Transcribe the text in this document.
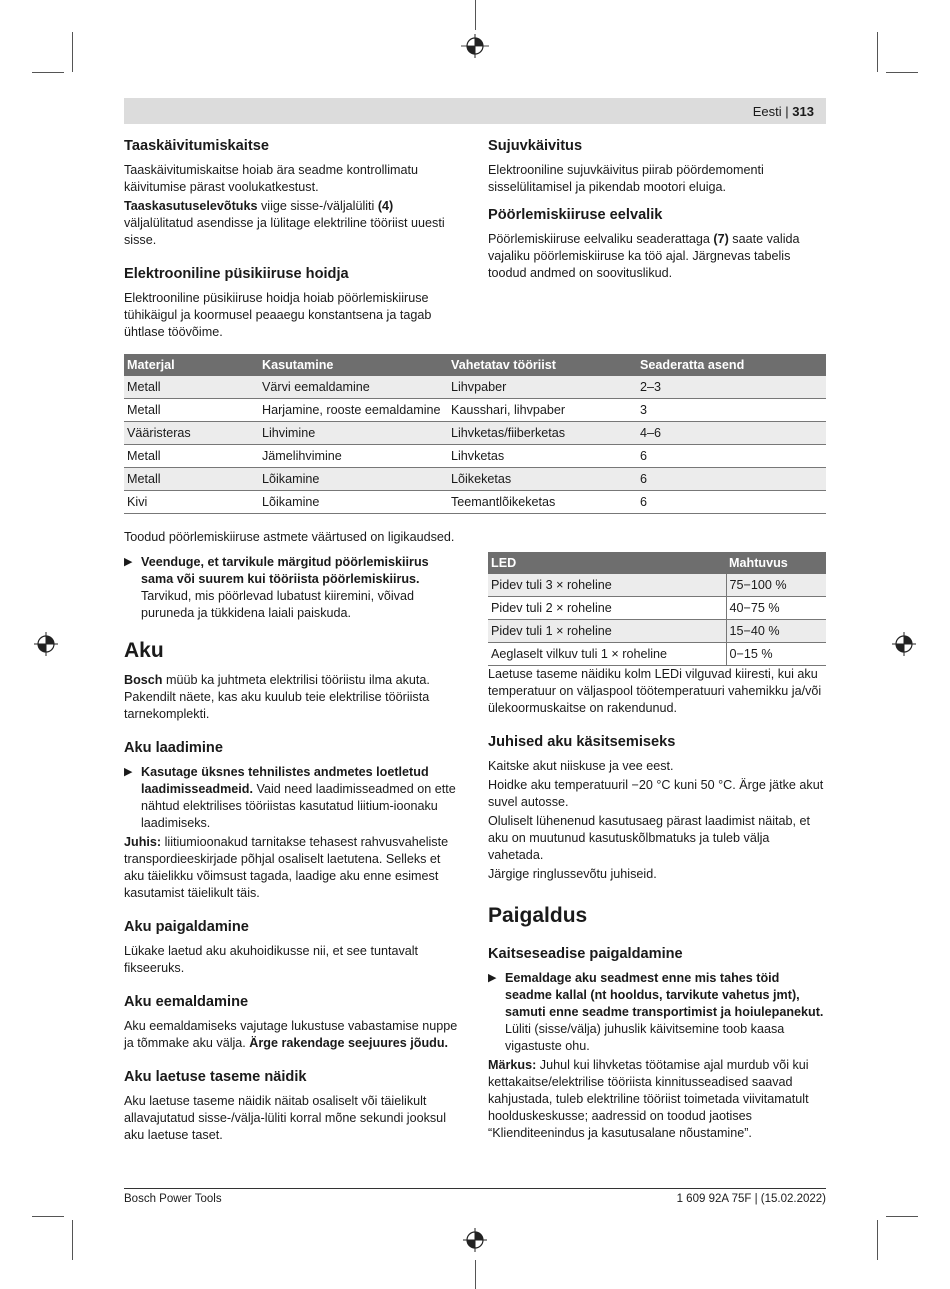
Eesti | 313
Taaskäivitumiskaitse

Taaskäivitumiskaitse hoiab ära seadme kontrollimatu käivitumise pärast voolukatkestust.

Taaskasutuselevõtuks viige sisse-/väljalüliti (4) väljalülitatud asendisse ja lülitage elektriline tööriist uuesti sisse.

Elektrooniline püsikiiruse hoidja

Elektrooniline püsikiiruse hoidja hoiab pöörlemiskiiruse tühikäigul ja koormusel peaaegu konstantsena ja tagab ühtlase töövõime.

Sujuvkäivitus

Elektrooniline sujuvkäivitus piirab pöördemomenti sisselülitamisel ja pikendab mootori eluiga.

Pöörlemiskiiruse eelvalik

Pöörlemiskiiruse eelvaliku seaderattaga (7) saate valida vajaliku pöörlemiskiiruse ka töö ajal. Järgnevas tabelis toodud andmed on soovituslikud.

Materjal	Kasutamine	Vahetatav tööriist	Seaderatta asend
Metall	Värvi eemaldamine	Lihvpaber	2–3
Metall	Harjamine, rooste eemaldamine	Kausshari, lihvpaber	3
Vääristeras	Lihvimine	Lihvketas/fiiberketas	4–6
Metall	Jämelihvimine	Lihvketas	6
Metall	Lõikamine	Lõikeketas	6
Kivi	Lõikamine	Teemantlõikeketas	6

Toodud pöörlemiskiiruse astmete väärtused on ligikaudsed.

▶ Veenduge, et tarvikule märgitud pöörlemiskiirus sama või suurem kui tööriista pöörlemiskiirus. Tarvikud, mis pöörlevad lubatust kiiremini, võivad puruneda ja tükkidena laiali paiskuda.
Aku

Bosch müüb ka juhtmeta elektrilisi tööriistu ilma akuta. Pakendilt näete, kas aku kuulub teie elektrilise tööriista tarnekomplekti.

Aku laadimine
▶ Kasutage üksnes tehnilistes andmetes loetletud laadimisseadmeid. Vaid need laadimisseadmed on ette nähtud elektrilises tööriistas kasutatud liitium-ioonaku laadimiseks.

Juhis: liitiumioonakud tarnitakse tehasest rahvusvaheliste transpordieeskirjade põhjal osaliselt laetutena. Selleks et aku täielikku võimsust tagada, laadige aku enne esimest kasutamist täielikult täis.

Aku paigaldamine

Lükake laetud aku akuhoidikusse nii, et see tuntavalt fikseeruks.

Aku eemaldamine

Aku eemaldamiseks vajutage lukustuse vabastamise nuppe ja tõmmake aku välja. Ärge rakendage seejuures jõudu.

Aku laetuse taseme näidik

Aku laetuse taseme näidik näitab osaliselt või täielikult allavajutatud sisse-/välja-lüliti korral mõne sekundi jooksul aku laetuse taset.

LED	Mahtuvus
Pidev tuli 3 × roheline	75−100 %
Pidev tuli 2 × roheline	40−75 %
Pidev tuli 1 × roheline	15−40 %
Aeglaselt vilkuv tuli 1 × roheline	0−15 %

Laetuse taseme näidiku kolm LEDi vilguvad kiiresti, kui aku temperatuur on väljaspool töötemperatuuri vahemikku ja/või ülekoormuskaitse on rakendunud.

Juhised aku käsitsemiseks

Kaitske akut niiskuse ja vee eest.

Hoidke aku temperatuuril −20 °C kuni 50 °C. Ärge jätke akut suvel autosse.

Oluliselt lühenenud kasutusaeg pärast laadimist näitab, et aku on muutunud kasutuskõlbmatuks ja tuleb välja vahetada.

Järgige ringlussevõtu juhiseid.

Paigaldus
Kaitseseadise paigaldamine
▶ Eemaldage aku seadmest enne mis tahes töid seadme kallal (nt hooldus, tarvikute vahetus jmt), samuti enne seadme transportimist ja hoiulepanekut. Lüliti (sisse/välja) juhuslik käivitsemine toob kaasa vigastuste ohu.

Märkus: Juhul kui lihvketas töötamise ajal murdub või kui kettakaitse/elektrilise tööriista kinnitusseadised saavad kahjustada, tuleb elektriline tööriist toimetada viivitamatult hoolduskeskusse; aadressid on toodud jaotises “Klienditeenindus ja kasutusalane nõustamine”.

Bosch Power Tools	1 609 92A 75F | (15.02.2022)
